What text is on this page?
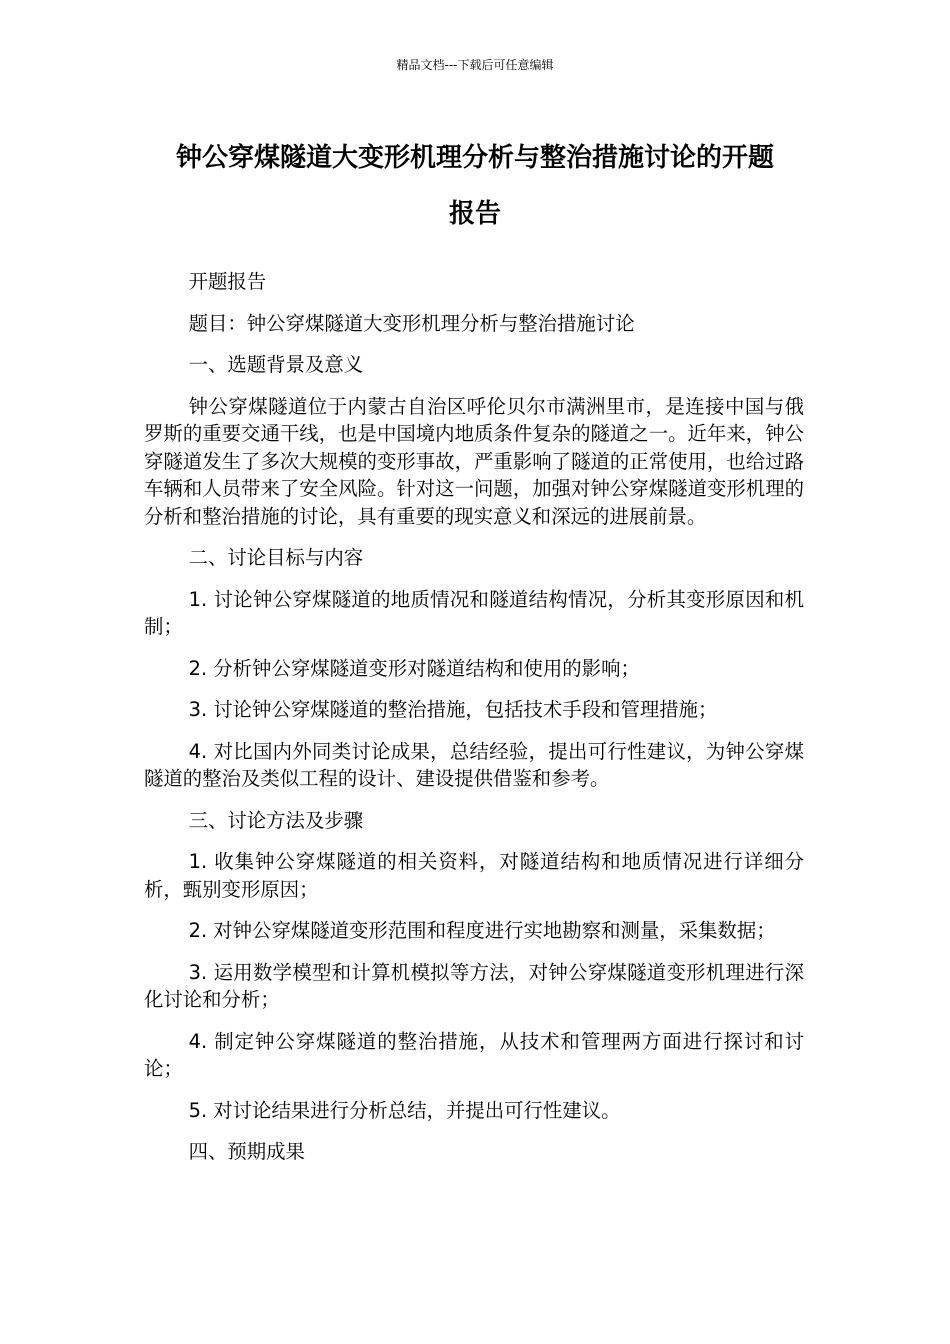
精品文档---下载后可任意编辑
钟公穿煤隧道大变形机理分析与整治措施讨论的开题
报告

开题报告

题目：钟公穿煤隧道大变形机理分析与整治措施讨论

一、选题背景及意义

钟公穿煤隧道位于内蒙古自治区呼伦贝尔市满洲里市，是连接中国与俄罗斯的重要交通干线，也是中国境内地质条件复杂的隧道之一。近年来，钟公穿隧道发生了多次大规模的变形事故，严重影响了隧道的正常使用，也给过路车辆和人员带来了安全风险。针对这一问题，加强对钟公穿煤隧道变形机理的分析和整治措施的讨论，具有重要的现实意义和深远的进展前景。

二、讨论目标与内容

1. 讨论钟公穿煤隧道的地质情况和隧道结构情况，分析其变形原因和机制；

2. 分析钟公穿煤隧道变形对隧道结构和使用的影响；

3. 讨论钟公穿煤隧道的整治措施，包括技术手段和管理措施；

4. 对比国内外同类讨论成果，总结经验，提出可行性建议，为钟公穿煤隧道的整治及类似工程的设计、建设提供借鉴和参考。

三、讨论方法及步骤

1. 收集钟公穿煤隧道的相关资料，对隧道结构和地质情况进行详细分析，甄别变形原因；

2. 对钟公穿煤隧道变形范围和程度进行实地勘察和测量，采集数据；

3. 运用数学模型和计算机模拟等方法，对钟公穿煤隧道变形机理进行深化讨论和分析；

4. 制定钟公穿煤隧道的整治措施，从技术和管理两方面进行探讨和讨论；

5. 对讨论结果进行分析总结，并提出可行性建议。

四、预期成果
